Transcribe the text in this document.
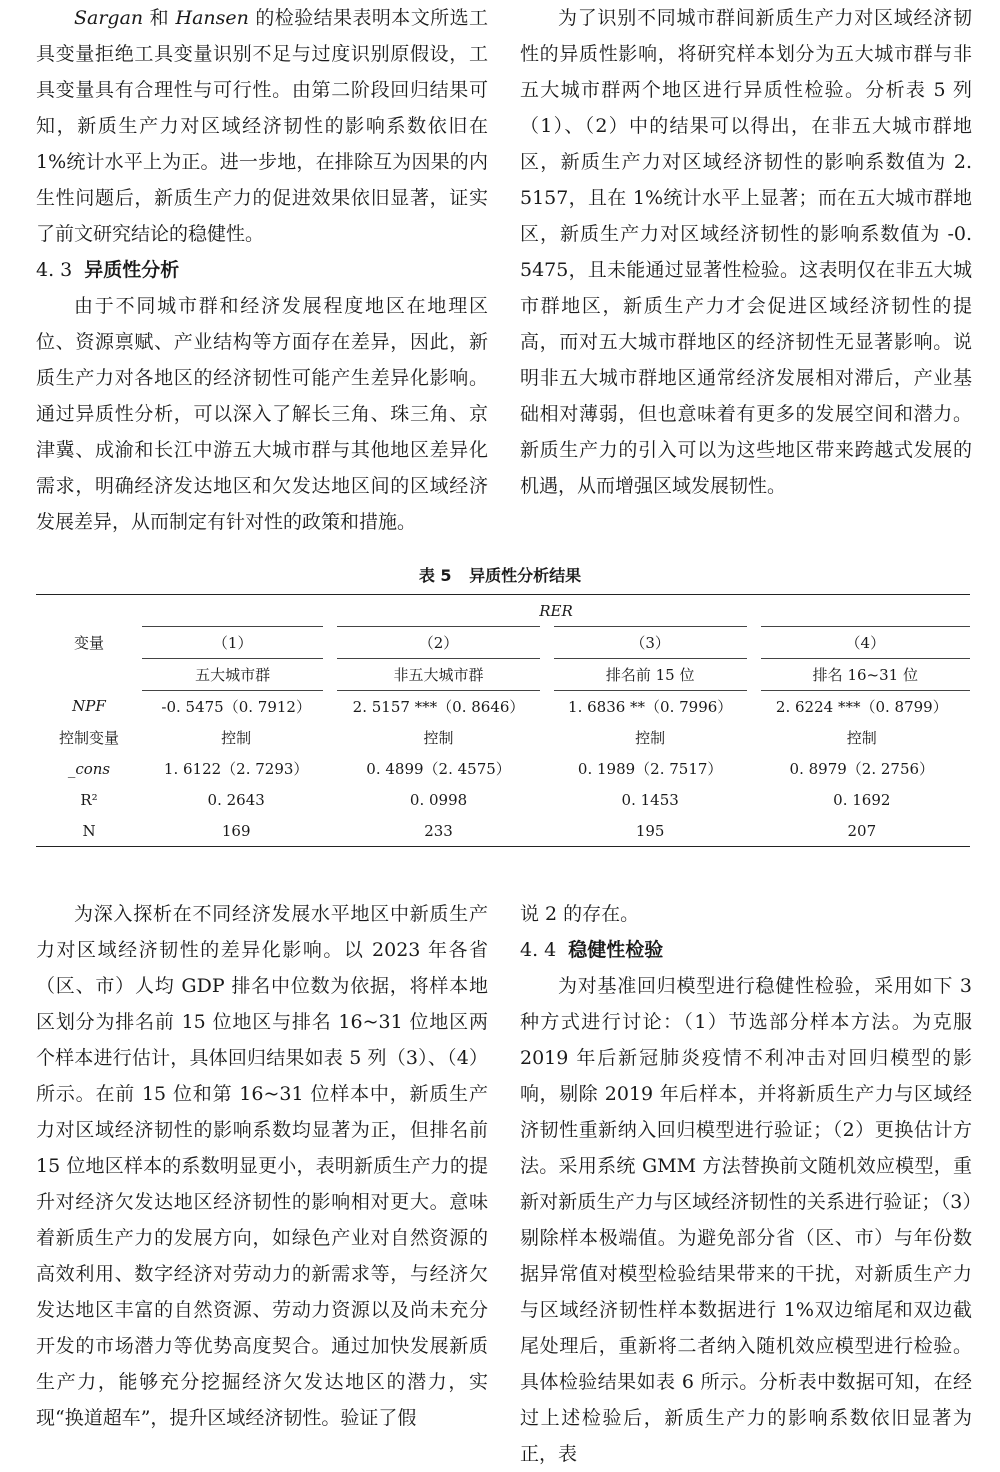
Sargan 和 Hansen 的检验结果表明本文所选工具变量拒绝工具变量识别不足与过度识别原假设，工具变量具有合理性与可行性。由第二阶段回归结果可知，新质生产力对区域经济韧性的影响系数依旧在 1%统计水平上为正。进一步地，在排除互为因果的内生性问题后，新质生产力的促进效果依旧显著，证实了前文研究结论的稳健性。

4. 3 异质性分析

由于不同城市群和经济发展程度地区在地理区位、资源禀赋、产业结构等方面存在差异，因此，新质生产力对各地区的经济韧性可能产生差异化影响。通过异质性分析，可以深入了解长三角、珠三角、京津冀、成渝和长江中游五大城市群与其他地区差异化需求，明确经济发达地区和欠发达地区间的区域经济发展差异，从而制定有针对性的政策和措施。

为了识别不同城市群间新质生产力对区域经济韧性的异质性影响，将研究样本划分为五大城市群与非五大城市群两个地区进行异质性检验。分析表 5 列（1）、（2）中的结果可以得出，在非五大城市群地区，新质生产力对区域经济韧性的影响系数值为 2. 5157，且在 1%统计水平上显著；而在五大城市群地区，新质生产力对区域经济韧性的影响系数值为 -0. 5475，且未能通过显著性检验。这表明仅在非五大城市群地区，新质生产力才会促进区域经济韧性的提高，而对五大城市群地区的经济韧性无显著影响。说明非五大城市群地区通常经济发展相对滞后，产业基础相对薄弱，但也意味着有更多的发展空间和潜力。新质生产力的引入可以为这些地区带来跨越式发展的机遇，从而增强区域发展韧性。

表 5 异质性分析结果
变量	RER			
	（1）	（2）	（3）	（4）
	五大城市群	非五大城市群	排名前 15 位	排名 16~31 位
NPF	-0. 5475（0. 7912）	2. 5157 ***（0. 8646）	1. 6836 **（0. 7996）	2. 6224 ***（0. 8799）
控制变量	控制	控制	控制	控制
_cons	1. 6122（2. 7293）	0. 4899（2. 4575）	0. 1989（2. 7517）	0. 8979（2. 2756）
R²	0. 2643	0. 0998	0. 1453	0. 1692
N	169	233	195	207

为深入探析在不同经济发展水平地区中新质生产力对区域经济韧性的差异化影响。以 2023 年各省（区、市）人均 GDP 排名中位数为依据，将样本地区划分为排名前 15 位地区与排名 16~31 位地区两个样本进行估计，具体回归结果如表 5 列（3）、（4）所示。在前 15 位和第 16~31 位样本中，新质生产力对区域经济韧性的影响系数均显著为正，但排名前 15 位地区样本的系数明显更小，表明新质生产力的提升对经济欠发达地区经济韧性的影响相对更大。意味着新质生产力的发展方向，如绿色产业对自然资源的高效利用、数字经济对劳动力的新需求等，与经济欠发达地区丰富的自然资源、劳动力资源以及尚未充分开发的市场潜力等优势高度契合。通过加快发展新质生产力，能够充分挖掘经济欠发达地区的潜力，实现“换道超车”，提升区域经济韧性。验证了假

说 2 的存在。

4. 4 稳健性检验

为对基准回归模型进行稳健性检验，采用如下 3 种方式进行讨论：（1）节选部分样本方法。为克服 2019 年后新冠肺炎疫情不利冲击对回归模型的影响，剔除 2019 年后样本，并将新质生产力与区域经济韧性重新纳入回归模型进行验证；（2）更换估计方法。采用系统 GMM 方法替换前文随机效应模型，重新对新质生产力与区域经济韧性的关系进行验证；（3）剔除样本极端值。为避免部分省（区、市）与年份数据异常值对模型检验结果带来的干扰，对新质生产力与区域经济韧性样本数据进行 1%双边缩尾和双边截尾处理后，重新将二者纳入随机效应模型进行检验。具体检验结果如表 6 所示。分析表中数据可知，在经过上述检验后，新质生产力的影响系数依旧显著为正，表
